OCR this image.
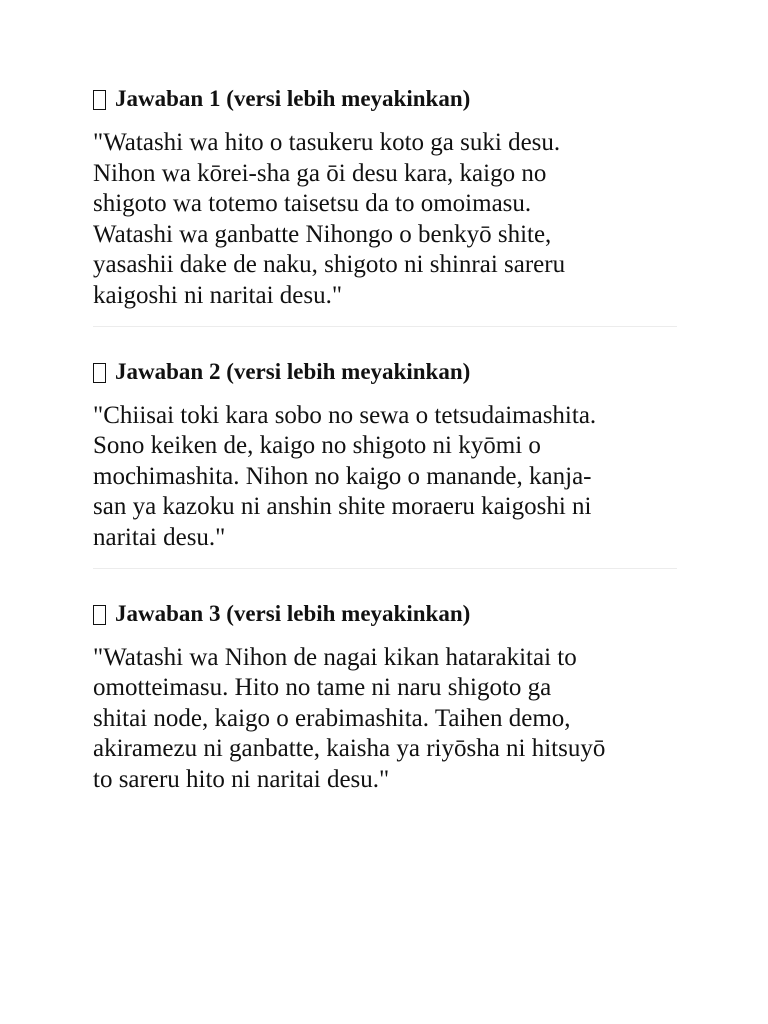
Jawaban 1 (versi lebih meyakinkan)

"Watashi wa hito o tasukeru koto ga suki desu.
Nihon wa kōrei-sha ga ōi desu kara, kaigo no
shigoto wa totemo taisetsu da to omoimasu.
Watashi wa ganbatte Nihongo o benkyō shite,
yasashii dake de naku, shigoto ni shinrai sareru
kaigoshi ni naritai desu."

Jawaban 2 (versi lebih meyakinkan)

"Chiisai toki kara sobo no sewa o tetsudaimashita.
Sono keiken de, kaigo no shigoto ni kyōmi o
mochimashita. Nihon no kaigo o manande, kanja-
san ya kazoku ni anshin shite moraeru kaigoshi ni
naritai desu."

Jawaban 3 (versi lebih meyakinkan)

"Watashi wa Nihon de nagai kikan hatarakitai to
omotteimasu. Hito no tame ni naru shigoto ga
shitai node, kaigo o erabimashita. Taihen demo,
akiramezu ni ganbatte, kaisha ya riyōsha ni hitsuyō
to sareru hito ni naritai desu."
